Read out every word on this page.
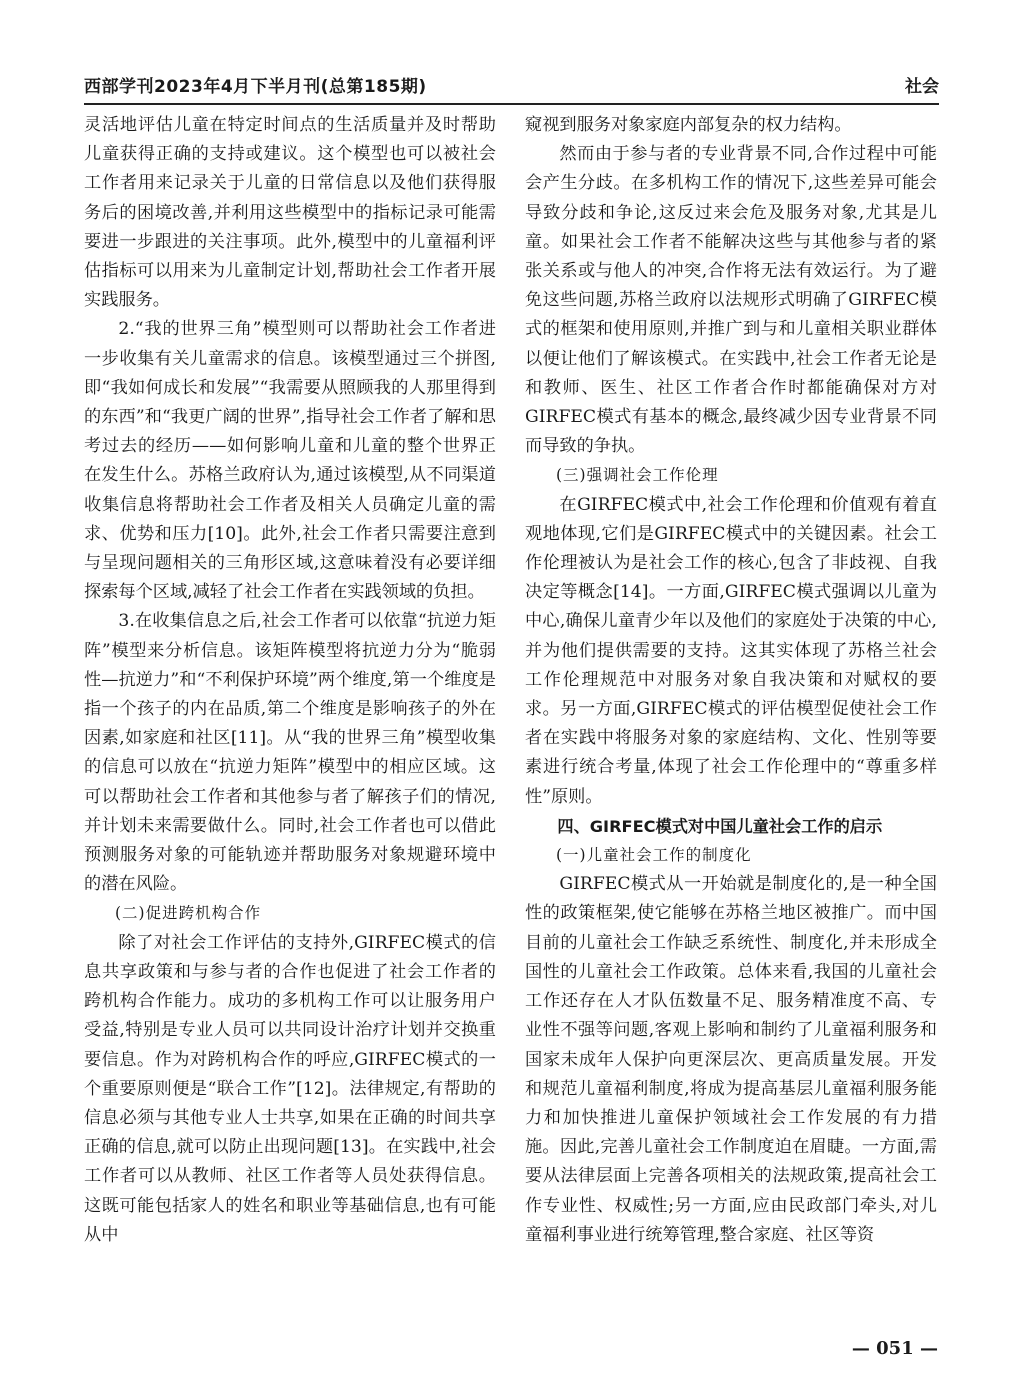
西部学刊2023年4月下半月刊(总第185期)	社会

灵活地评估儿童在特定时间点的生活质量并及时帮助儿童获得正确的支持或建议。这个模型也可以被社会工作者用来记录关于儿童的日常信息以及他们获得服务后的困境改善,并利用这些模型中的指标记录可能需要进一步跟进的关注事项。此外,模型中的儿童福利评估指标可以用来为儿童制定计划,帮助社会工作者开展实践服务。

2.“我的世界三角”模型则可以帮助社会工作者进一步收集有关儿童需求的信息。该模型通过三个拼图,即“我如何成长和发展”“我需要从照顾我的人那里得到的东西”和“我更广阔的世界”,指导社会工作者了解和思考过去的经历——如何影响儿童和儿童的整个世界正在发生什么。苏格兰政府认为,通过该模型,从不同渠道收集信息将帮助社会工作者及相关人员确定儿童的需求、优势和压力[10]。此外,社会工作者只需要注意到与呈现问题相关的三角形区域,这意味着没有必要详细探索每个区域,减轻了社会工作者在实践领域的负担。

3.在收集信息之后,社会工作者可以依靠“抗逆力矩阵”模型来分析信息。该矩阵模型将抗逆力分为“脆弱性—抗逆力”和“不利保护环境”两个维度,第一个维度是指一个孩子的内在品质,第二个维度是影响孩子的外在因素,如家庭和社区[11]。从“我的世界三角”模型收集的信息可以放在“抗逆力矩阵”模型中的相应区域。这可以帮助社会工作者和其他参与者了解孩子们的情况,并计划未来需要做什么。同时,社会工作者也可以借此预测服务对象的可能轨迹并帮助服务对象规避环境中的潜在风险。

(二)促进跨机构合作

除了对社会工作评估的支持外,GIRFEC模式的信息共享政策和与参与者的合作也促进了社会工作者的跨机构合作能力。成功的多机构工作可以让服务用户受益,特别是专业人员可以共同设计治疗计划并交换重要信息。作为对跨机构合作的呼应,GIRFEC模式的一个重要原则便是“联合工作”[12]。法律规定,有帮助的信息必须与其他专业人士共享,如果在正确的时间共享正确的信息,就可以防止出现问题[13]。在实践中,社会工作者可以从教师、社区工作者等人员处获得信息。这既可能包括家人的姓名和职业等基础信息,也有可能从中

窥视到服务对象家庭内部复杂的权力结构。

然而由于参与者的专业背景不同,合作过程中可能会产生分歧。在多机构工作的情况下,这些差异可能会导致分歧和争论,这反过来会危及服务对象,尤其是儿童。如果社会工作者不能解决这些与其他参与者的紧张关系或与他人的冲突,合作将无法有效运行。为了避免这些问题,苏格兰政府以法规形式明确了GIRFEC模式的框架和使用原则,并推广到与和儿童相关职业群体以便让他们了解该模式。在实践中,社会工作者无论是和教师、医生、社区工作者合作时都能确保对方对GIRFEC模式有基本的概念,最终减少因专业背景不同而导致的争执。

(三)强调社会工作伦理

在GIRFEC模式中,社会工作伦理和价值观有着直观地体现,它们是GIRFEC模式中的关键因素。社会工作伦理被认为是社会工作的核心,包含了非歧视、自我决定等概念[14]。一方面,GIRFEC模式强调以儿童为中心,确保儿童青少年以及他们的家庭处于决策的中心,并为他们提供需要的支持。这其实体现了苏格兰社会工作伦理规范中对服务对象自我决策和对赋权的要求。另一方面,GIRFEC模式的评估模型促使社会工作者在实践中将服务对象的家庭结构、文化、性别等要素进行统合考量,体现了社会工作伦理中的“尊重多样性”原则。

四、GIRFEC模式对中国儿童社会工作的启示

(一)儿童社会工作的制度化

GIRFEC模式从一开始就是制度化的,是一种全国性的政策框架,使它能够在苏格兰地区被推广。而中国目前的儿童社会工作缺乏系统性、制度化,并未形成全国性的儿童社会工作政策。总体来看,我国的儿童社会工作还存在人才队伍数量不足、服务精准度不高、专业性不强等问题,客观上影响和制约了儿童福利服务和国家未成年人保护向更深层次、更高质量发展。开发和规范儿童福利制度,将成为提高基层儿童福利服务能力和加快推进儿童保护领域社会工作发展的有力措施。因此,完善儿童社会工作制度迫在眉睫。一方面,需要从法律层面上完善各项相关的法规政策,提高社会工作专业性、权威性;另一方面,应由民政部门牵头,对儿童福利事业进行统筹管理,整合家庭、社区等资

— 051 —
